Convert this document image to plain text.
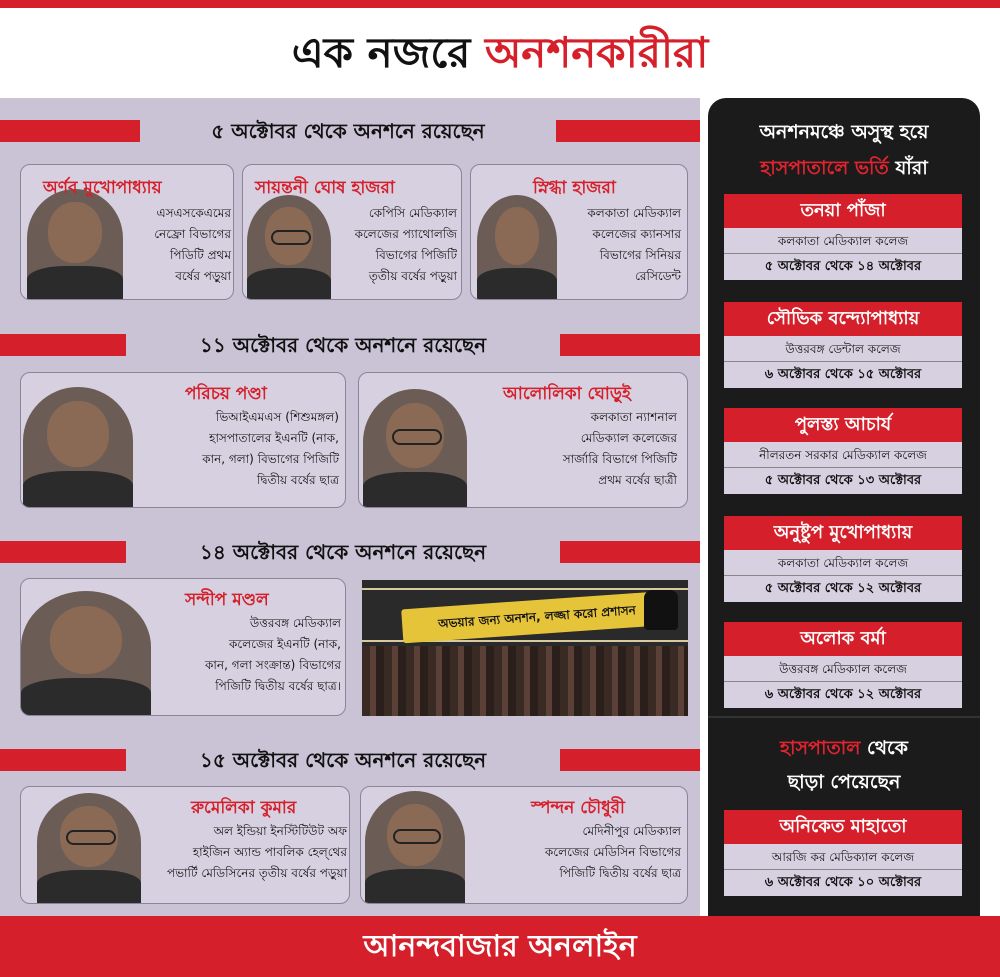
এক নজরে অনশনকারীরা
৫ অক্টোবর থেকে অনশনে রয়েছেন
১১ অক্টোবর থেকে অনশনে রয়েছেন
১৪ অক্টোবর থেকে অনশনে রয়েছেন
১৫ অক্টোবর থেকে অনশনে রয়েছেন
অর্ণব মুখোপাধ্যায়
এসএসকেএমের
নেফ্রো বিভাগের
পিডিটি প্রথম
বর্ষের পড়ুয়া
সায়ন্তনী ঘোষ হাজরা
কেপিসি মেডিক্যাল
কলেজের প্যাথোলজি
বিভাগের পিজিটি
তৃতীয় বর্ষের পড়ুয়া
স্নিগ্ধা হাজরা
কলকাতা মেডিক্যাল
কলেজের ক্যানসার
বিভাগের সিনিয়র
রেসিডেন্ট
পরিচয় পণ্ডা
ভিআইএমএস (শিশুমঙ্গল)
হাসপাতালের ইএনটি (নাক,
কান, গলা) বিভাগের পিজিটি
দ্বিতীয় বর্ষের ছাত্র
আলোলিকা ঘোড়ুই
কলকাতা ন্যাশনাল
মেডিক্যাল কলেজের
সার্জারি বিভাগে পিজিটি
প্রথম বর্ষের ছাত্রী
সন্দীপ মণ্ডল
উত্তরবঙ্গ মেডিক্যাল
কলেজের ইএনটি (নাক,
কান, গলা সংক্রান্ত) বিভাগের
পিজিটি দ্বিতীয় বর্ষের ছাত্র।
অভয়ার জন্য অনশন, লজ্জা করো প্রশাসন
রুমেলিকা কুমার
অল ইন্ডিয়া ইনস্টিটিউট অফ
হাইজিন অ্যান্ড পাবলিক হেল্‌থের
পভার্টি মেডিসিনের তৃতীয় বর্ষের পড়ুয়া
স্পন্দন চৌধুরী
মেদিনীপুর মেডিক্যাল
কলেজের মেডিসিন বিভাগের
পিজিটি দ্বিতীয় বর্ষের ছাত্র
অনশনমঞ্চে অসুস্থ হয়ে
হাসপাতালে ভর্তি যাঁরা
তনয়া পাঁজা
কলকাতা মেডিক্যাল কলেজ
৫ অক্টোবর থেকে ১৪ অক্টোবর
সৌভিক বন্দ্যোপাধ্যায়
উত্তরবঙ্গ ডেন্টাল কলেজ
৬ অক্টোবর থেকে ১৫ অক্টোবর
পুলস্ত্য আচার্য
নীলরতন সরকার মেডিক্যাল কলেজ
৫ অক্টোবর থেকে ১৩ অক্টোবর
অনুষ্টুপ মুখোপাধ্যায়
কলকাতা মেডিক্যাল কলেজ
৫ অক্টোবর থেকে ১২ অক্টোবর
অলোক বর্মা
উত্তরবঙ্গ মেডিক্যাল কলেজ
৬ অক্টোবর থেকে ১২ অক্টোবর
হাসপাতাল থেকে
ছাড়া পেয়েছেন
অনিকেত মাহাতো
আরজি কর মেডিক্যাল কলেজ
৬ অক্টোবর থেকে ১০ অক্টোবর
আনন্দবাজার অনলাইন
